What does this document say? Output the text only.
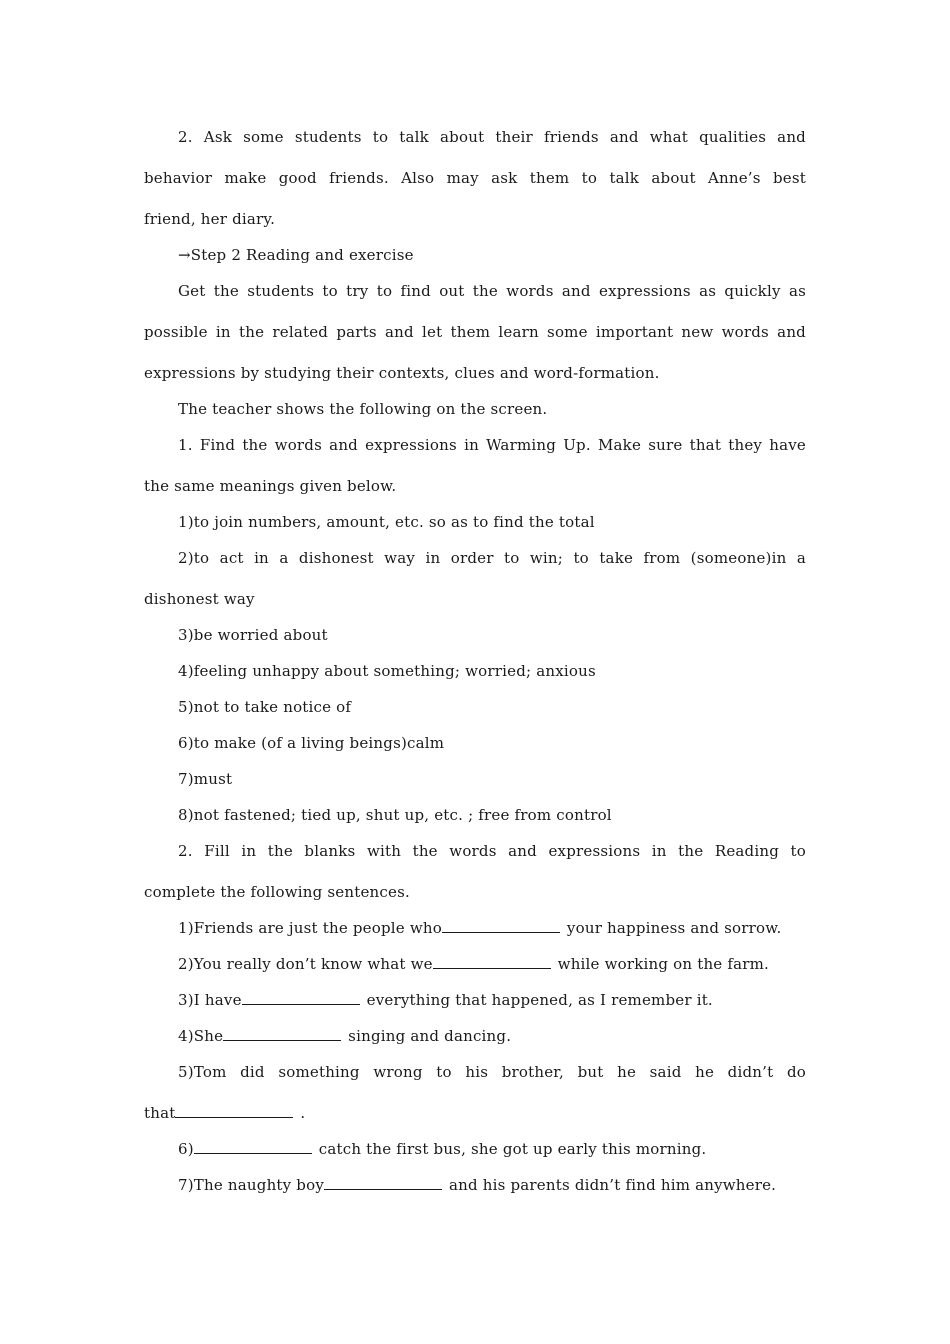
2. Ask some students to talk about their friends and what qualities and

behavior make good friends. Also may ask them to talk about Anne’s best

friend, her diary.

→Step 2 Reading and exercise

Get the students to try to find out the words and expressions as quickly as

possible in the related parts and let them learn some important new words and

expressions by studying their contexts, clues and word-formation.

The teacher shows the following on the screen.

1. Find the words and expressions in Warming Up. Make sure that they have

the same meanings given below.

1)to join numbers, amount, etc. so as to find the total

2)to act in a dishonest way in order to win; to take from (someone)in a

dishonest way

3)be worried about

4)feeling unhappy about something; worried; anxious

5)not to take notice of

6)to make (of a living beings)calm

7)must

8)not fastened; tied up, shut up, etc. ; free from control

2. Fill in the blanks with the words and expressions in the Reading to

complete the following sentences.

1)Friends are just the people who	your happiness and sorrow.

2)You really don’t know what we	while working on the farm.

3)I have	everything that happened, as I remember it.

4)She	singing and dancing.

5)Tom did something wrong to his brother, but he said he didn’t do

that	.

6)	catch the first bus, she got up early this morning.

7)The naughty boy	and his parents didn’t find him anywhere.
